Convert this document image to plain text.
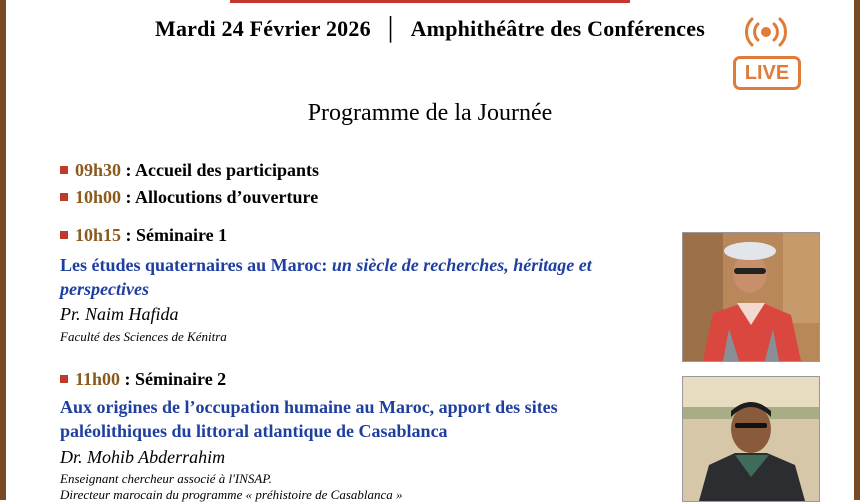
Mardi 24 Février 2026 │ Amphithéâtre des Conférences
LIVE
Programme de la Journée
09h30 : Accueil des participants
10h00 : Allocutions d’ouverture
10h15 : Séminaire 1
Les études quaternaires au Maroc: un siècle de recherches, héritage et perspectives
Pr. Naim Hafida
Faculté des Sciences de Kénitra
11h00 : Séminaire 2
Aux origines de l’occupation humaine au Maroc, apport des sites
paléolithiques du littoral atlantique de Casablanca
Dr. Mohib Abderrahim
Enseignant chercheur associé à l'INSAP.
Directeur marocain du programme « préhistoire de Casablanca »
